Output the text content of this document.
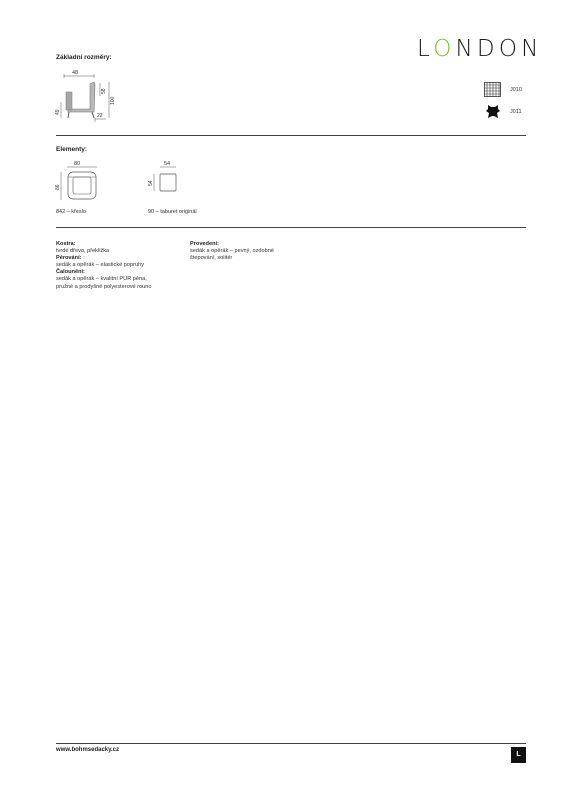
LONDON
Základní rozměry:
48
58
100
49
22
J010
J011
Elementy:
80
86
842 – křeslo
54
54
90 – taburet originál
Kostra:
tvrdé dřevo, překližka
Pérování:
sedák a opěrák – elastické popruhy
Čalounění:
sedák a opěrák – kvalitní PUR pěna,
pružné a prodyšné polyesterové rouno
Provedení:
sedák a opěrák – pevný, ozdobné
štepování, solitér
www.bohmsedacky.cz
L
